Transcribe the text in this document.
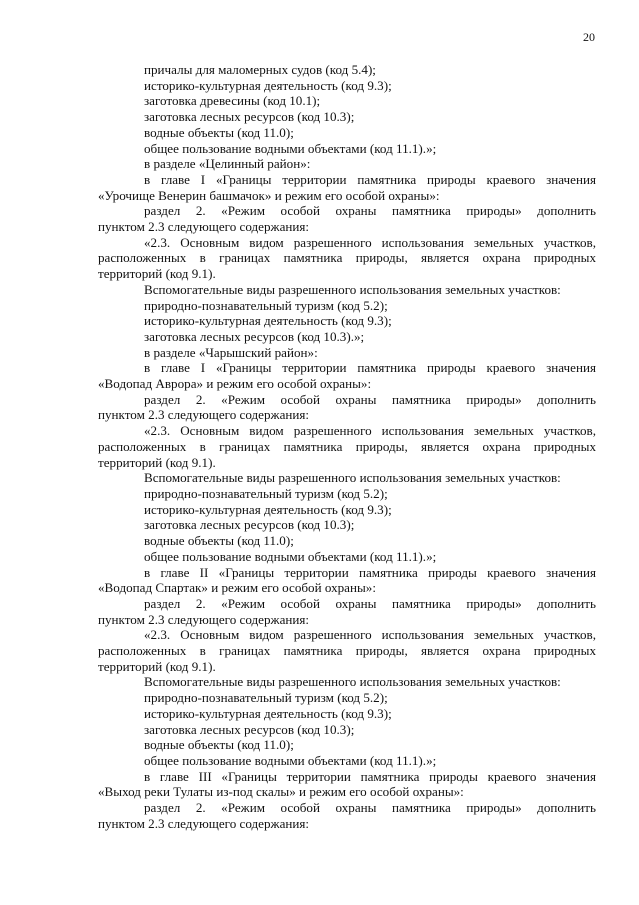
20
причалы для маломерных судов (код 5.4);
историко-культурная деятельность (код 9.3);
заготовка древесины (код 10.1);
заготовка лесных ресурсов (код 10.3);
водные объекты (код 11.0);
общее пользование водными объектами (код 11.1).»;
в разделе «Целинный район»:
в главе I «Границы территории памятника природы краевого значения
«Урочище Венерин башмачок» и режим его особой охраны»:
раздел 2. «Режим особой охраны памятника природы» дополнить
пунктом 2.3 следующего содержания:
«2.3. Основным видом разрешенного использования земельных участков,
расположенных в границах памятника природы, является охрана природных
территорий (код 9.1).
Вспомогательные виды разрешенного использования земельных участков:
природно-познавательный туризм (код 5.2);
историко-культурная деятельность (код 9.3);
заготовка лесных ресурсов (код 10.3).»;
в разделе «Чарышский район»:
в главе I «Границы территории памятника природы краевого значения
«Водопад Аврора» и режим его особой охраны»:
раздел 2. «Режим особой охраны памятника природы» дополнить
пунктом 2.3 следующего содержания:
«2.3. Основным видом разрешенного использования земельных участков,
расположенных в границах памятника природы, является охрана природных
территорий (код 9.1).
Вспомогательные виды разрешенного использования земельных участков:
природно-познавательный туризм (код 5.2);
историко-культурная деятельность (код 9.3);
заготовка лесных ресурсов (код 10.3);
водные объекты (код 11.0);
общее пользование водными объектами (код 11.1).»;
в главе II «Границы территории памятника природы краевого значения
«Водопад Спартак» и режим его особой охраны»:
раздел 2. «Режим особой охраны памятника природы» дополнить
пунктом 2.3 следующего содержания:
«2.3. Основным видом разрешенного использования земельных участков,
расположенных в границах памятника природы, является охрана природных
территорий (код 9.1).
Вспомогательные виды разрешенного использования земельных участков:
природно-познавательный туризм (код 5.2);
историко-культурная деятельность (код 9.3);
заготовка лесных ресурсов (код 10.3);
водные объекты (код 11.0);
общее пользование водными объектами (код 11.1).»;
в главе III «Границы территории памятника природы краевого значения
«Выход реки Тулаты из-под скалы» и режим его особой охраны»:
раздел 2. «Режим особой охраны памятника природы» дополнить
пунктом 2.3 следующего содержания:
